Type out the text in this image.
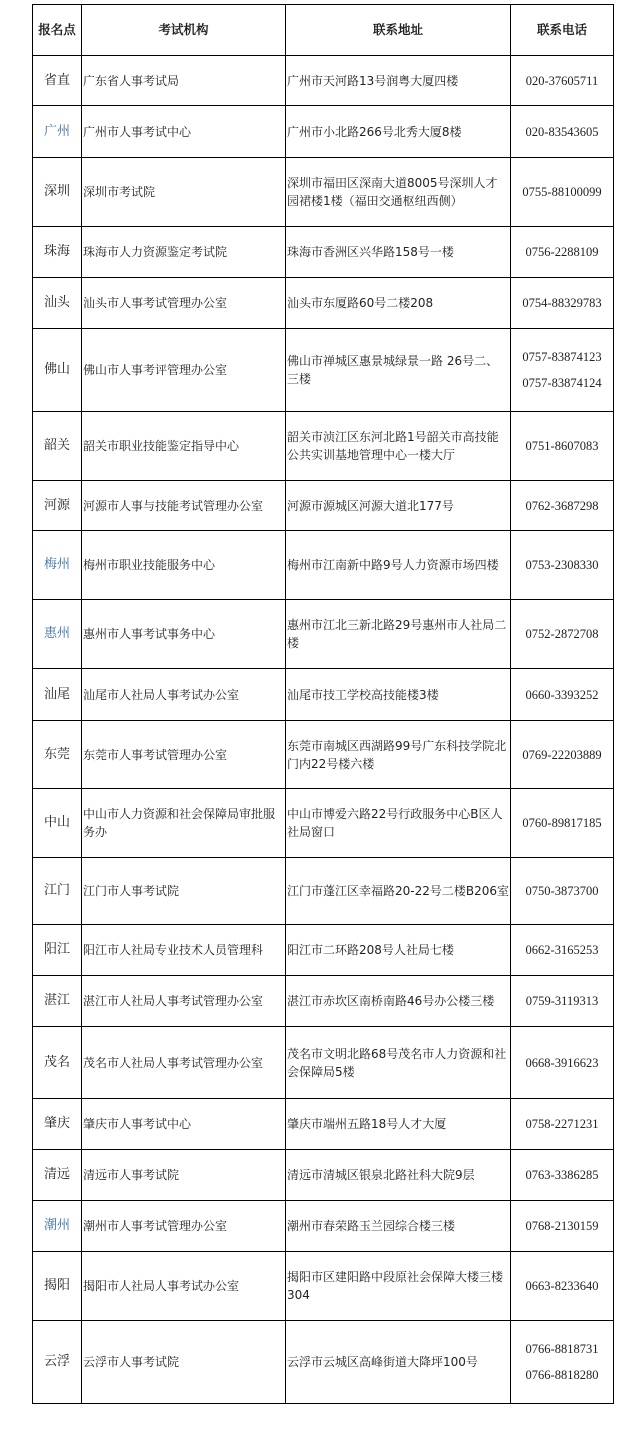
报名点	考试机构	联系地址	联系电话
省直	广东省人事考试局	广州市天河路13号润粤大厦四楼	020-37605711

广州	广州市人事考试中心	广州市小北路266号北秀大厦8楼	020-83543605

深圳	深圳市考试院	深圳市福田区深南大道8005号深圳人才园裙楼1楼（福田交通枢纽西侧）	0755-88100099

珠海	珠海市人力资源鉴定考试院	珠海市香洲区兴华路158号一楼	0756-2288109

汕头	汕头市人事考试管理办公室	汕头市东厦路60号二楼208	0754-88329783

佛山	佛山市人事考评管理办公室	佛山市禅城区惠景城绿景一路 26号二、三楼	0757-83874123
0757-83874124

韶关	韶关市职业技能鉴定指导中心	韶关市浈江区东河北路1号韶关市高技能公共实训基地管理中心一楼大厅	0751-8607083

河源	河源市人事与技能考试管理办公室	河源市源城区河源大道北177号	0762-3687298

梅州	梅州市职业技能服务中心	梅州市江南新中路9号人力资源市场四楼	0753-2308330

惠州	惠州市人事考试事务中心	惠州市江北三新北路29号惠州市人社局二楼	0752-2872708

汕尾	汕尾市人社局人事考试办公室	汕尾市技工学校高技能楼3楼	0660-3393252

东莞	东莞市人事考试管理办公室	东莞市南城区西湖路99号广东科技学院北门内22号楼六楼	0769-22203889

中山	中山市人力资源和社会保障局审批服务办	中山市博爱六路22号行政服务中心B区人社局窗口	0760-89817185

江门	江门市人事考试院	江门市蓬江区幸福路20-22号二楼B206室	0750-3873700

阳江	阳江市人社局专业技术人员管理科	阳江市二环路208号人社局七楼	0662-3165253

湛江	湛江市人社局人事考试管理办公室	湛江市赤坎区南桥南路46号办公楼三楼	0759-3119313

茂名	茂名市人社局人事考试管理办公室	茂名市文明北路68号茂名市人力资源和社会保障局5楼	0668-3916623

肇庆	肇庆市人事考试中心	肇庆市端州五路18号人才大厦	0758-2271231

清远	清远市人事考试院	清远市清城区银泉北路社科大院9层	0763-3386285

潮州	潮州市人事考试管理办公室	潮州市春荣路玉兰园综合楼三楼	0768-2130159

揭阳	揭阳市人社局人事考试办公室	揭阳市区建阳路中段原社会保障大楼三楼304	0663-8233640

云浮	云浮市人事考试院	云浮市云城区高峰街道大降坪100号	0766-8818731
0766-8818280
